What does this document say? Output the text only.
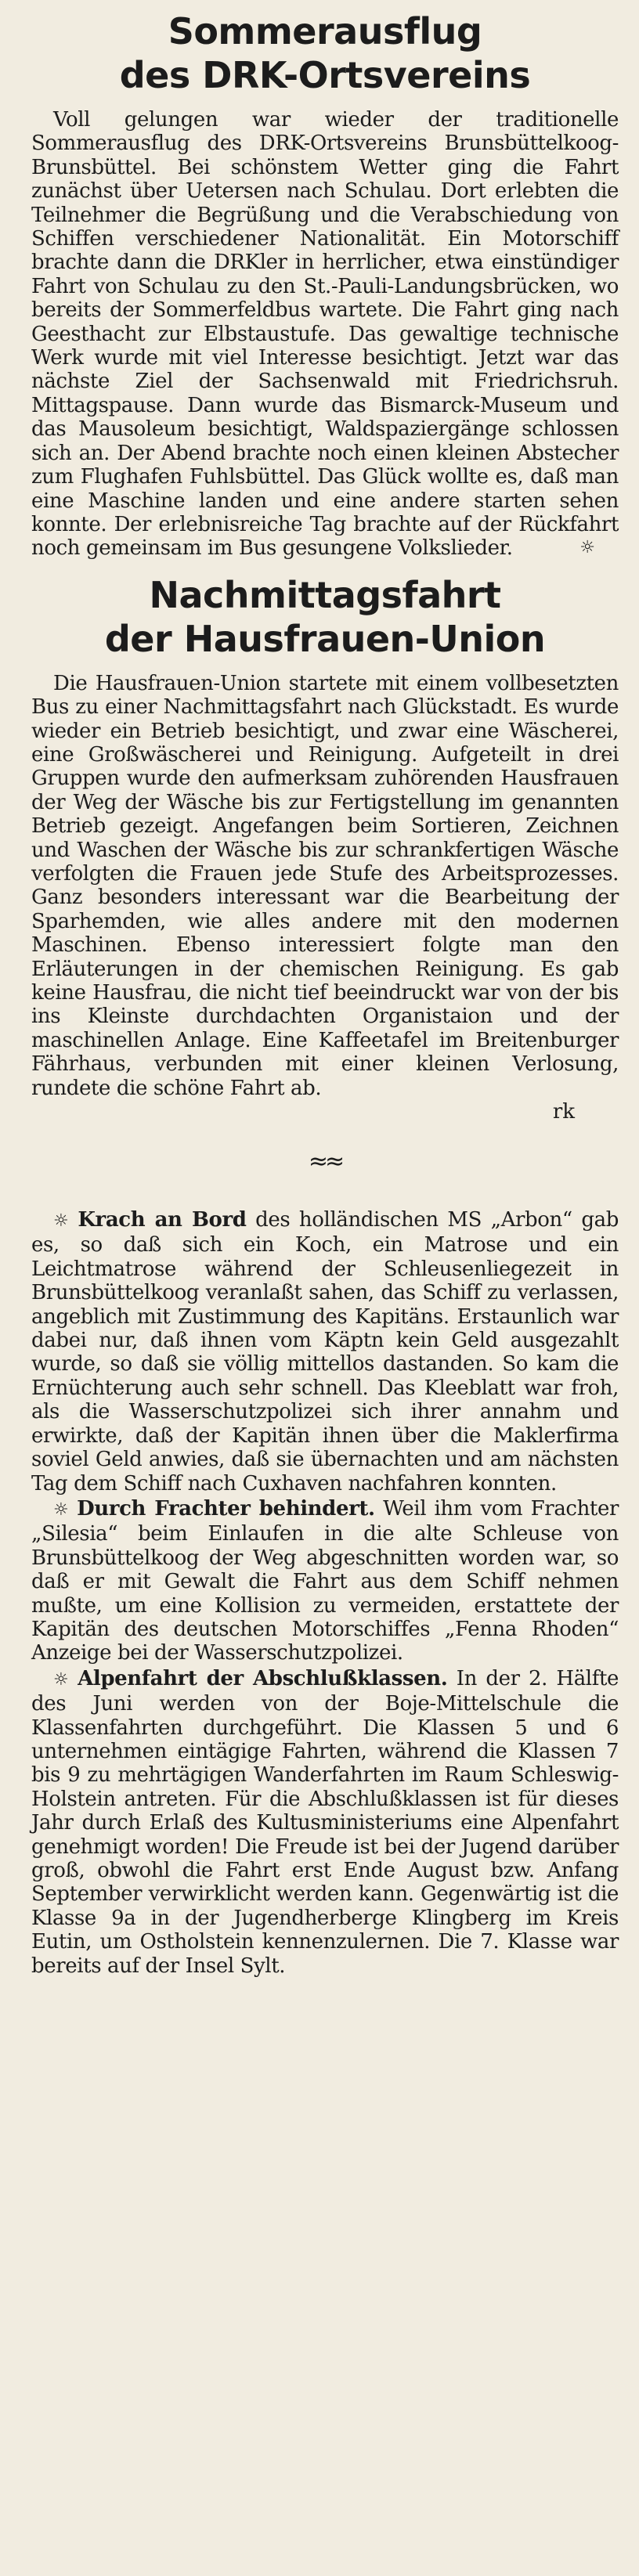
Sommerausflug
des DRK-Ortsvereins

Voll gelungen war wieder der traditionelle Sommerausflug des DRK-Ortsvereins Brunsbüttelkoog-Brunsbüttel. Bei schönstem Wetter ging die Fahrt zunächst über Uetersen nach Schulau. Dort erlebten die Teilnehmer die Begrüßung und die Verabschiedung von Schiffen verschiedener Nationalität. Ein Motorschiff brachte dann die DRKler in herrlicher, etwa einstündiger Fahrt von Schulau zu den St.-Pauli-Landungsbrücken, wo bereits der Sommerfeldbus wartete. Die Fahrt ging nach Geesthacht zur Elbstaustufe. Das gewaltige technische Werk wurde mit viel Interesse besichtigt. Jetzt war das nächste Ziel der Sachsenwald mit Friedrichsruh. Mittagspause. Dann wurde das Bismarck-Museum und das Mausoleum besichtigt, Waldspaziergänge schlossen sich an. Der Abend brachte noch einen kleinen Abstecher zum Flughafen Fuhlsbüttel. Das Glück wollte es, daß man eine Maschine landen und eine andere starten sehen konnte. Der erlebnisreiche Tag brachte auf der Rückfahrt noch gemeinsam im Bus gesungene Volkslieder.	☼

Nachmittagsfahrt
der Hausfrauen-Union

Die Hausfrauen-Union startete mit einem vollbesetzten Bus zu einer Nachmittagsfahrt nach Glückstadt. Es wurde wieder ein Betrieb besichtigt, und zwar eine Wäscherei, eine Großwäscherei und Reinigung. Aufgeteilt in drei Gruppen wurde den aufmerksam zuhörenden Hausfrauen der Weg der Wäsche bis zur Fertigstellung im genannten Betrieb gezeigt. Angefangen beim Sortieren, Zeichnen und Waschen der Wäsche bis zur schrankfertigen Wäsche verfolgten die Frauen jede Stufe des Arbeitsprozesses. Ganz besonders interessant war die Bearbeitung der Sparhemden, wie alles andere mit den modernen Maschinen. Ebenso interessiert folgte man den Erläuterungen in der chemischen Reinigung. Es gab keine Hausfrau, die nicht tief beeindruckt war von der bis ins Kleinste durchdachten Organistaion und der maschinellen Anlage. Eine Kaffeetafel im Breitenburger Fährhaus, verbunden mit einer kleinen Verlosung, rundete die schöne Fahrt ab.

rk
≈≈

☼ Krach an Bord des holländischen MS „Arbon“ gab es, so daß sich ein Koch, ein Matrose und ein Leichtmatrose während der Schleusenliegezeit in Brunsbüttelkoog veranlaßt sahen, das Schiff zu verlassen, angeblich mit Zustimmung des Kapitäns. Erstaunlich war dabei nur, daß ihnen vom Käptn kein Geld ausgezahlt wurde, so daß sie völlig mittellos dastanden. So kam die Ernüchterung auch sehr schnell. Das Kleeblatt war froh, als die Wasserschutzpolizei sich ihrer annahm und erwirkte, daß der Kapitän ihnen über die Maklerfirma soviel Geld anwies, daß sie übernachten und am nächsten Tag dem Schiff nach Cuxhaven nachfahren konnten.

☼ Durch Frachter behindert. Weil ihm vom Frachter „Silesia“ beim Einlaufen in die alte Schleuse von Brunsbüttelkoog der Weg abgeschnitten worden war, so daß er mit Gewalt die Fahrt aus dem Schiff nehmen mußte, um eine Kollision zu vermeiden, erstattete der Kapitän des deutschen Motorschiffes „Fenna Rhoden“ Anzeige bei der Wasserschutzpolizei.

☼ Alpenfahrt der Abschlußklassen. In der 2. Hälfte des Juni werden von der Boje-Mittelschule die Klassenfahrten durchgeführt. Die Klassen 5 und 6 unternehmen eintägige Fahrten, während die Klassen 7 bis 9 zu mehrtägigen Wanderfahrten im Raum Schleswig-Holstein antreten. Für die Abschlußklassen ist für dieses Jahr durch Erlaß des Kultusministeriums eine Alpenfahrt genehmigt worden! Die Freude ist bei der Jugend darüber groß, obwohl die Fahrt erst Ende August bzw. Anfang September verwirklicht werden kann. Gegenwärtig ist die Klasse 9a in der Jugendherberge Klingberg im Kreis Eutin, um Ostholstein kennenzulernen. Die 7. Klasse war bereits auf der Insel Sylt.
